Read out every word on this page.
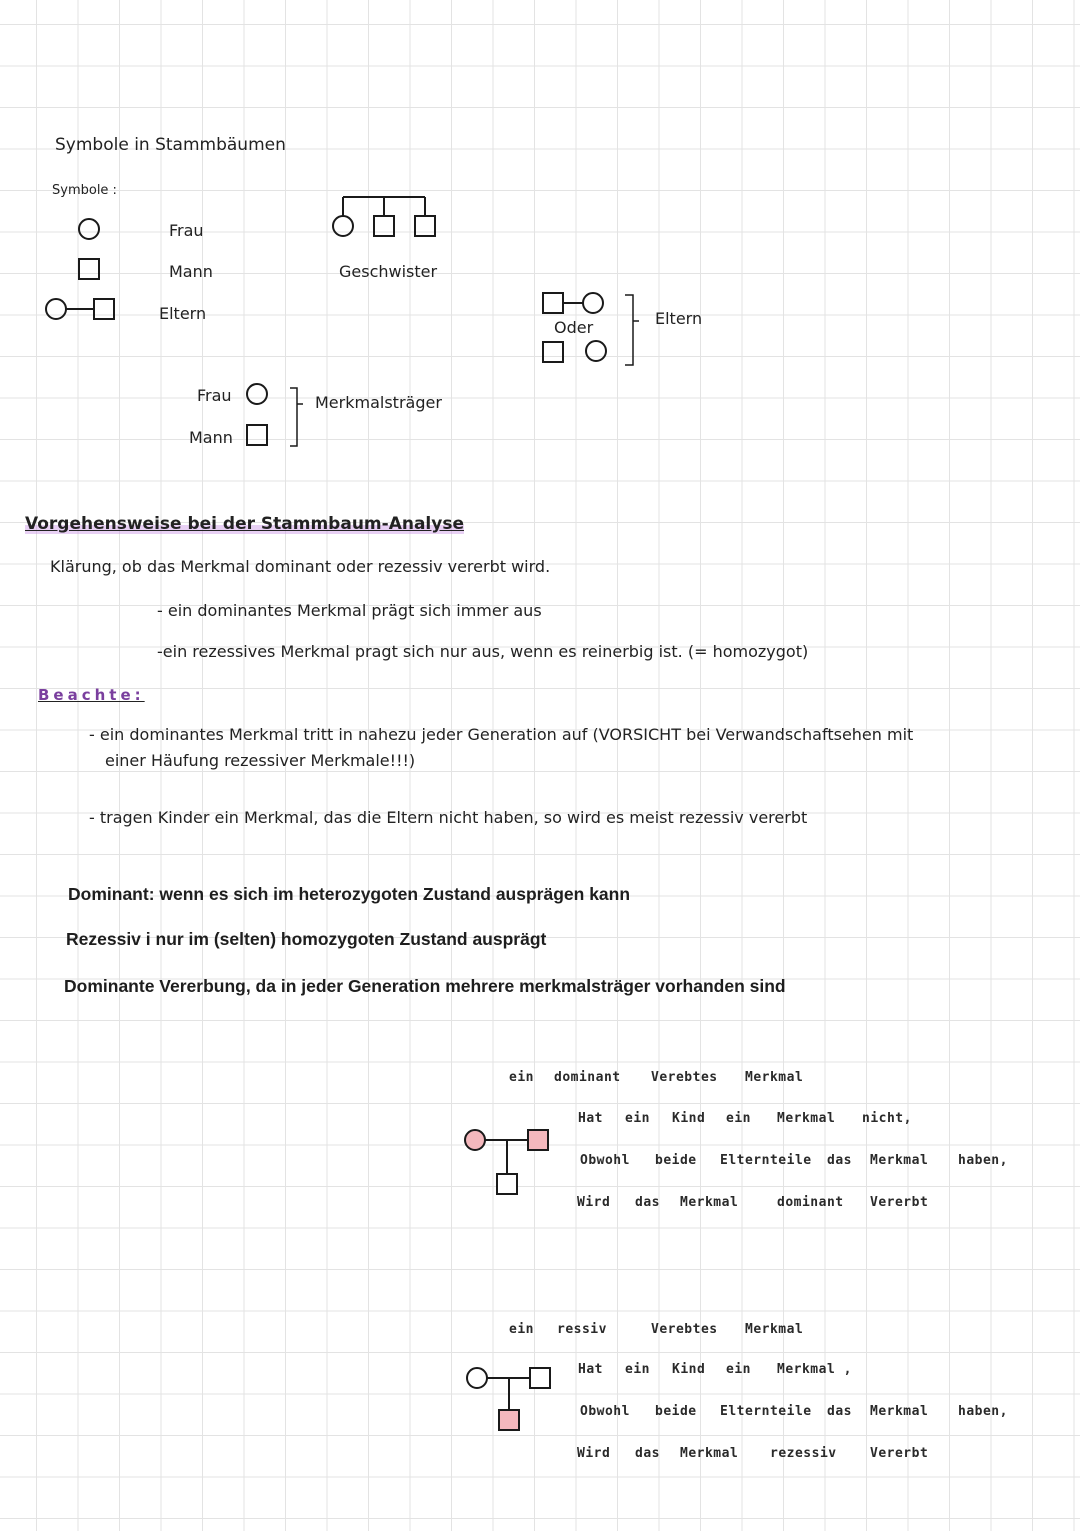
Symbole in Stammbäumen
Symbole :
Frau
Mann
Eltern
Geschwister
Oder	Eltern
Frau
Mann
Merkmalsträger
Vorgehensweise bei der Stammbaum-Analyse
Klärung, ob das Merkmal dominant oder rezessiv vererbt wird.
- ein dominantes Merkmal prägt sich immer aus
-ein rezessives Merkmal pragt sich nur aus, wenn es reinerbig ist. (= homozygot)
Beachte:
- ein dominantes Merkmal tritt in nahezu jeder Generation auf (VORSICHT bei Verwandschaftsehen mit
einer Häufung rezessiver Merkmale!!!)
- tragen Kinder ein Merkmal, das die Eltern nicht haben, so wird es meist rezessiv vererbt
Dominant: wenn es sich im heterozygoten Zustand ausprägen kann
Rezessiv i nur im (selten) homozygoten Zustand ausprägt
Dominante Vererbung, da in jeder Generation mehrere merkmalsträger vorhanden sind
ein dominant Verebtes Merkmal
Hat ein Kind ein Merkmal nicht,
Obwohl beide Elternteile das Merkmal haben,
Wird das Merkmal	dominant Vererbt
ein ressiv	Verebtes Merkmal
Hat ein Kind ein Merkmal ,
Obwohl beide Elternteile das Merkmal haben,
Wird das Merkmal rezessiv	Vererbt
